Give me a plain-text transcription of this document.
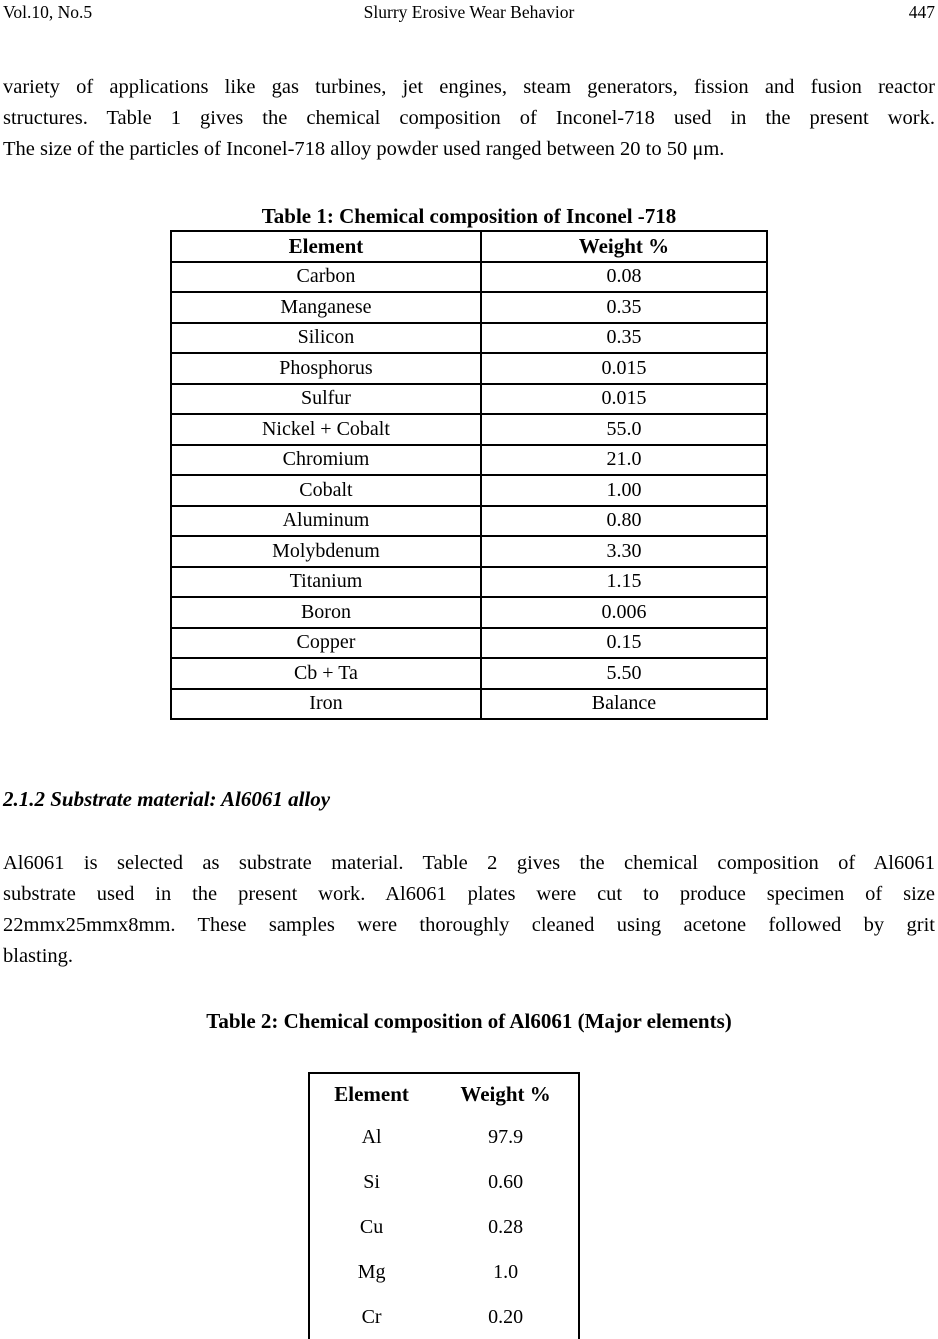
Vol.10, No.5	Slurry Erosive Wear Behavior	447
variety of applications like gas turbines, jet engines, steam generators, fission and fusion reactor
structures. Table 1 gives the chemical composition of Inconel-718 used in the present work.
The size of the particles of Inconel-718 alloy powder used ranged between 20 to 50 μm.
Table 1: Chemical composition of Inconel -718
Element	Weight %
Carbon	0.08
Manganese	0.35
Silicon	0.35
Phosphorus	0.015
Sulfur	0.015
Nickel + Cobalt	55.0
Chromium	21.0
Cobalt	1.00
Aluminum	0.80
Molybdenum	3.30
Titanium	1.15
Boron	0.006
Copper	0.15
Cb + Ta	5.50
Iron	Balance
2.1.2 Substrate material: Al6061 alloy
Al6061 is selected as substrate material. Table 2 gives the chemical composition of Al6061
substrate used in the present work. Al6061 plates were cut to produce specimen of size
22mmx25mmx8mm. These samples were thoroughly cleaned using acetone followed by grit
blasting.
Table 2: Chemical composition of Al6061 (Major elements)
Element	Weight %
Al	97.9
Si	0.60
Cu	0.28
Mg	1.0
Cr	0.20
